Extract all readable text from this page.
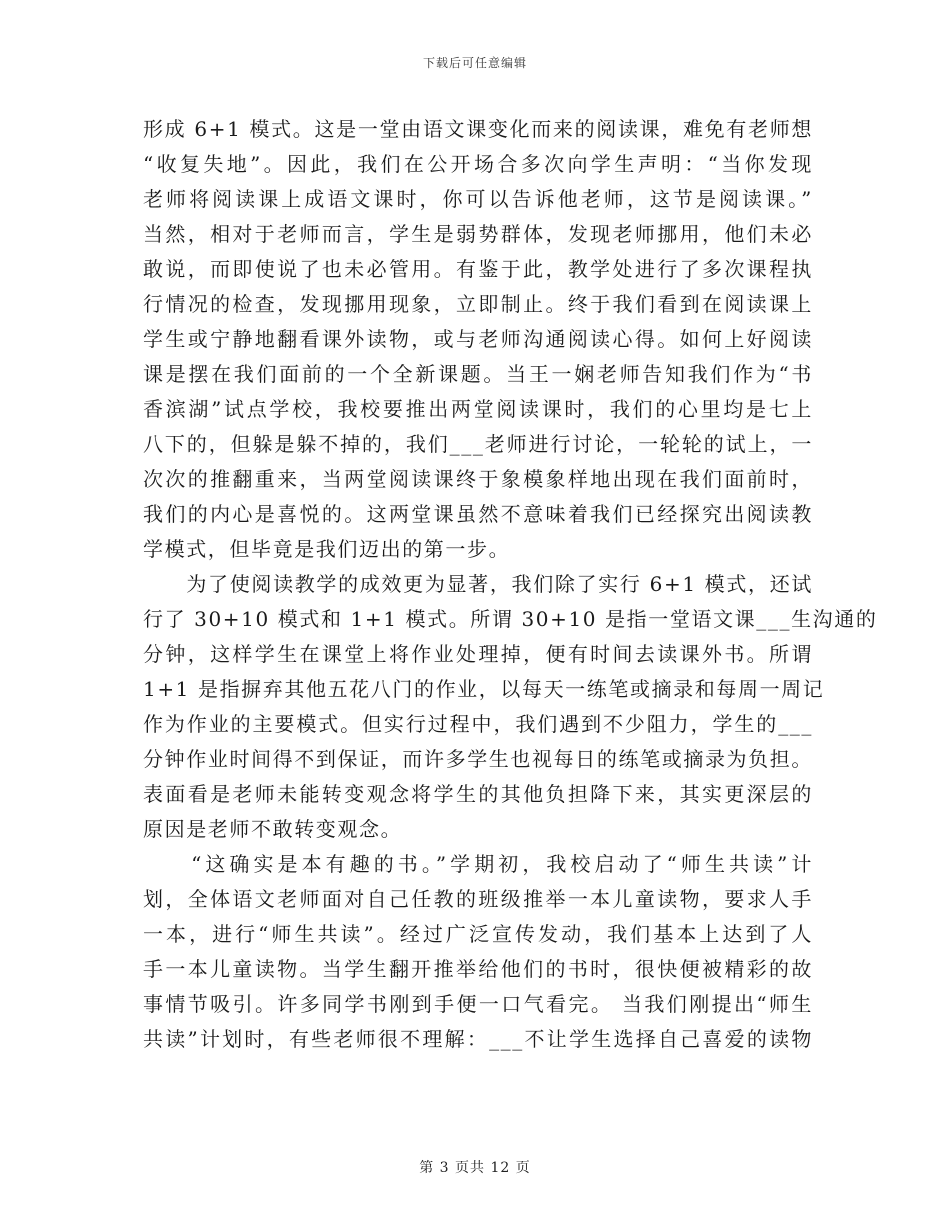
下载后可任意编辑
形成 6+1 模式。这是一堂由语文课变化而来的阅读课，难免有老师想
“收复失地”。因此，我们在公开场合多次向学生声明：“当你发现
老师将阅读课上成语文课时，你可以告诉他老师，这节是阅读课。”
当然，相对于老师而言，学生是弱势群体，发现老师挪用，他们未必
敢说，而即使说了也未必管用。有鉴于此，教学处进行了多次课程执
行情况的检查，发现挪用现象，立即制止。终于我们看到在阅读课上
学生或宁静地翻看课外读物，或与老师沟通阅读心得。如何上好阅读
课是摆在我们面前的一个全新课题。当王一娴老师告知我们作为“书
香滨湖”试点学校，我校要推出两堂阅读课时，我们的心里均是七上
八下的，但躲是躲不掉的，我们___老师进行讨论，一轮轮的试上，一
次次的推翻重来，当两堂阅读课终于象模象样地出现在我们面前时，
我们的内心是喜悦的。这两堂课虽然不意味着我们已经探究出阅读教
学模式，但毕竟是我们迈出的第一步。
　　为了使阅读教学的成效更为显著，我们除了实行 6+1 模式，还试
行了 30+10 模式和 1+1 模式。所谓 30+10 是指一堂语文课___生沟通的
分钟，这样学生在课堂上将作业处理掉，便有时间去读课外书。所谓
1+1 是指摒弃其他五花八门的作业，以每天一练笔或摘录和每周一周记
作为作业的主要模式。但实行过程中，我们遇到不少阻力，学生的___
分钟作业时间得不到保证，而许多学生也视每日的练笔或摘录为负担。
表面看是老师未能转变观念将学生的其他负担降下来，其实更深层的
原因是老师不敢转变观念。
　　“这确实是本有趣的书。”学期初，我校启动了“师生共读”计
划，全体语文老师面对自己任教的班级推举一本儿童读物，要求人手
一本，进行“师生共读”。经过广泛宣传发动，我们基本上达到了人
手一本儿童读物。当学生翻开推举给他们的书时，很快便被精彩的故
事情节吸引。许多同学书刚到手便一口气看完。 当我们刚提出“师生
共读”计划时，有些老师很不理解：___不让学生选择自己喜爱的读物
第 3 页共 12 页
